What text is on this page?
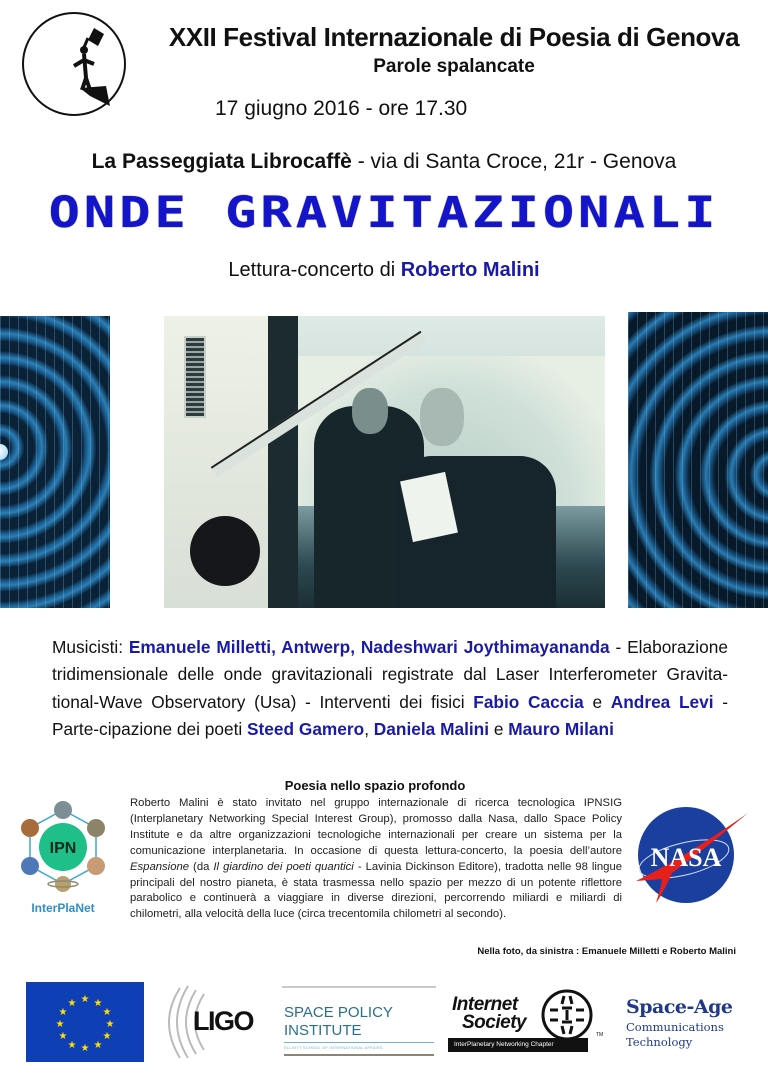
XXII Festival Internazionale di Poesia di Genova
Parole spalancate
17 giugno 2016 - ore 17.30
La Passeggiata Librocaffè - via di Santa Croce, 21r - Genova
ONDE GRAVITAZIONALI
Lettura-concerto di Roberto Malini
Musicisti: Emanuele Milletti, Antwerp, Nadeshwari Joythimayananda - Elaborazione tridimensionale delle onde gravitazionali registrate dal Laser Interferometer Gravita-tional-Wave Observatory (Usa) - Interventi dei fisici Fabio Caccia e Andrea Levi - Parte-cipazione dei poeti Steed Gamero, Daniela Malini e Mauro Milani
IPN
InterPlaNet
Poesia nello spazio profondo
Roberto Malini è stato invitato nel gruppo internazionale di ricerca tecnologica IPNSIG (Interplanetary Networking Special Interest Group), promosso dalla Nasa, dallo Space Policy Institute e da altre organizzazioni tecnologiche internazionali per creare un sistema per la comunicazione interplanetaria. In occasione di questa lettura-concerto, la poesia dell’autore Espansione (da Il giardino dei poeti quantici - Lavinia Dickinson Editore), tradotta nelle 98 lingue principali del nostro pianeta, è stata trasmessa nello spazio per mezzo di un potente riflettore parabolico e continuerà a viaggiare in diverse direzioni, percorrendo miliardi e miliardi di chilometri, alla velocità della luce (circa trecentomila chilometri al secondo).
NASA
Nella foto, da sinistra : Emanuele Milletti e Roberto Malini
★ ★
★
★
★
★
★
★
★
★
★
★
LIGO SPACE POLICY
INSTITUTE
ELLIOTT SCHOOL OF INTERNATIONAL AFFAIRS
Internet
Society
TM
InterPlanetary Networking Chapter
Space-Age
Communications
Technology
